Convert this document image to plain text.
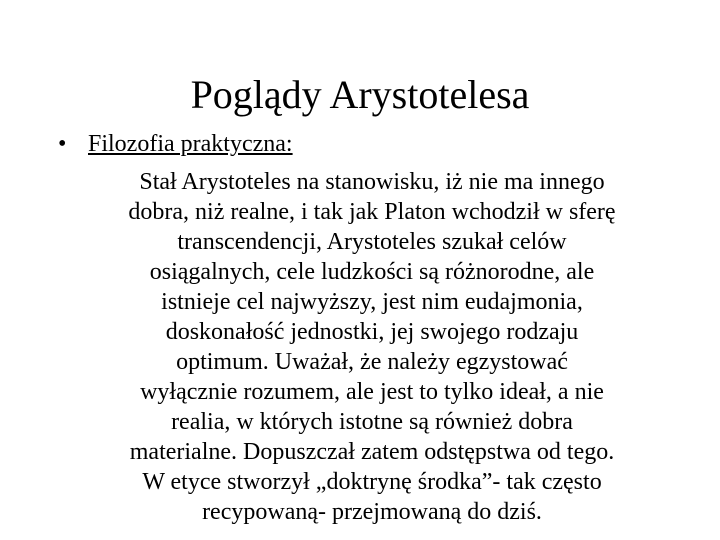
Poglądy Arystotelesa
• Filozofia praktyczna:
Stał Arystoteles na stanowisku, iż nie ma innego
dobra, niż realne, i tak jak Platon wchodził w sferę
transcendencji, Arystoteles szukał celów
osiągalnych, cele ludzkości są różnorodne, ale
istnieje cel najwyższy, jest nim eudajmonia,
doskonałość jednostki, jej swojego rodzaju
optimum. Uważał, że należy egzystować
wyłącznie rozumem, ale jest to tylko ideał, a nie
realia, w których istotne są również dobra
materialne. Dopuszczał zatem odstępstwa od tego.
W etyce stworzył „doktrynę środka”- tak często
recypowaną- przejmowaną do dziś.
